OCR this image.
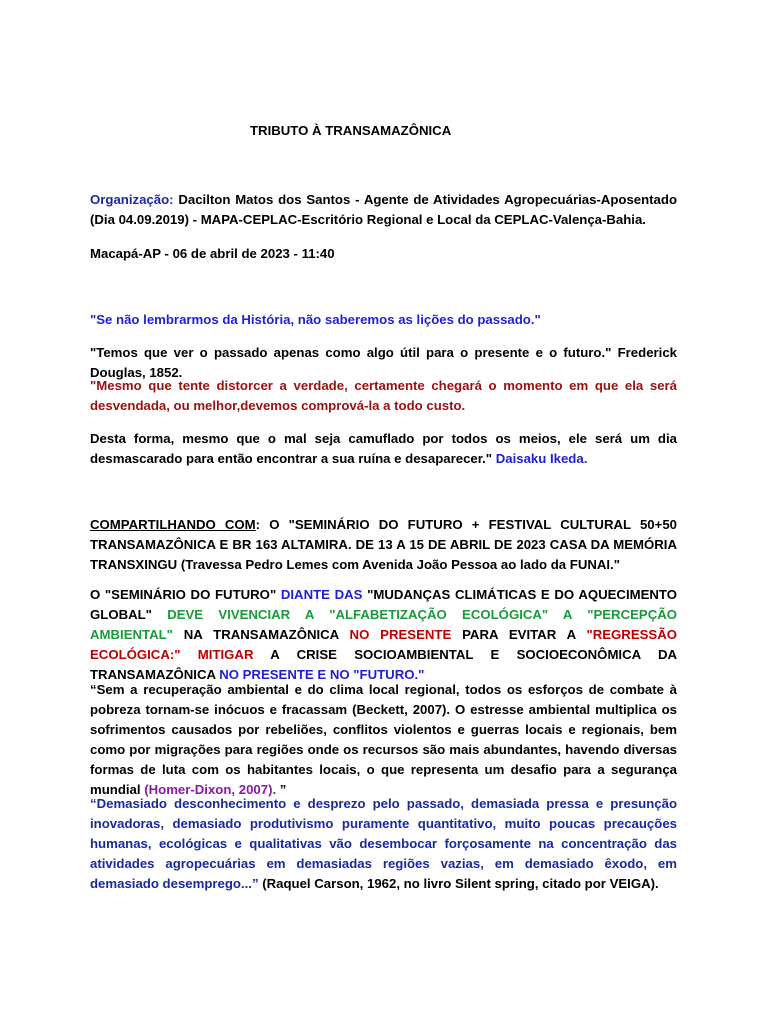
TRIBUTO À TRANSAMAZÔNICA

Organização: Dacilton Matos dos Santos - Agente de Atividades Agropecuárias-Aposentado (Dia 04.09.2019) - MAPA-CEPLAC-Escritório Regional e Local da CEPLAC-Valença-Bahia.

Macapá-AP - 06 de abril de 2023 - 11:40

"Se não lembrarmos da História, não saberemos as lições do passado."

"Temos que ver o passado apenas como algo útil para o presente e o futuro." Frederick Douglas, 1852.

"Mesmo que tente distorcer a verdade, certamente chegará o momento em que ela será desvendada, ou melhor,devemos comprová-la a todo custo.

Desta forma, mesmo que o mal seja camuflado por todos os meios, ele será um dia desmascarado para então encontrar a sua ruína e desaparecer." Daisaku Ikeda.

COMPARTILHANDO COM: O "SEMINÁRIO DO FUTURO + FESTIVAL CULTURAL 50+50 TRANSAMAZÔNICA E BR 163 ALTAMIRA. DE 13 A 15 DE ABRIL DE 2023 CASA DA MEMÓRIA TRANSXINGU (Travessa Pedro Lemes com Avenida João Pessoa ao lado da FUNAI."

O "SEMINÁRIO DO FUTURO" DIANTE DAS "MUDANÇAS CLIMÁTICAS E DO AQUECIMENTO GLOBAL" DEVE VIVENCIAR A "ALFABETIZAÇÃO ECOLÓGICA" A "PERCEPÇÃO AMBIENTAL" NA TRANSAMAZÔNICA NO PRESENTE PARA EVITAR A "REGRESSÃO ECOLÓGICA:" MITIGAR A CRISE SOCIOAMBIENTAL E SOCIOECONÔMICA DA TRANSAMAZÔNICA NO PRESENTE E NO "FUTURO."

“Sem a recuperação ambiental e do clima local regional, todos os esforços de combate à pobreza tornam-se inócuos e fracassam (Beckett, 2007). O estresse ambiental multiplica os sofrimentos causados por rebeliões, conflitos violentos e guerras locais e regionais, bem como por migrações para regiões onde os recursos são mais abundantes, havendo diversas formas de luta com os habitantes locais, o que representa um desafio para a segurança mundial (Homer-Dixon, 2007). ”

“Demasiado desconhecimento e desprezo pelo passado, demasiada pressa e presunção inovadoras, demasiado produtivismo puramente quantitativo, muito poucas precauções humanas, ecológicas e qualitativas vão desembocar forçosamente na concentração das atividades agropecuárias em demasiadas regiões vazias, em demasiado êxodo, em demasiado desemprego...” (Raquel Carson, 1962, no livro Silent spring, citado por VEIGA).
